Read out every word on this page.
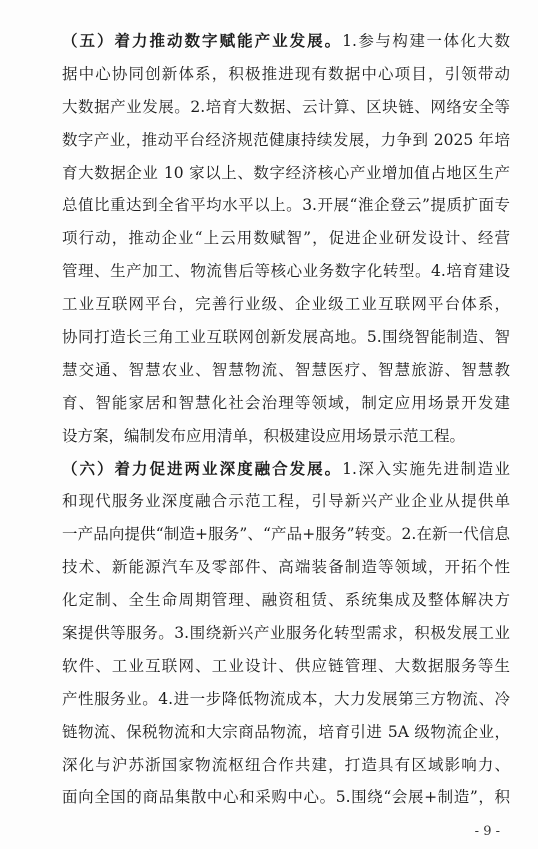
（五）着力推动数字赋能产业发展。1.参与构建一体化大数
据中心协同创新体系，积极推进现有数据中心项目，引领带动
大数据产业发展。2.培育大数据、云计算、区块链、网络安全等
数字产业，推动平台经济规范健康持续发展，力争到 2025 年培
育大数据企业 10 家以上、数字经济核心产业增加值占地区生产
总值比重达到全省平均水平以上。3.开展“淮企登云”提质扩面专
项行动，推动企业“上云用数赋智”，促进企业研发设计、经营
管理、生产加工、物流售后等核心业务数字化转型。4.培育建设
工业互联网平台，完善行业级、企业级工业互联网平台体系，
协同打造长三角工业互联网创新发展高地。5.围绕智能制造、智
慧交通、智慧农业、智慧物流、智慧医疗、智慧旅游、智慧教
育、智能家居和智慧化社会治理等领域，制定应用场景开发建
设方案，编制发布应用清单，积极建设应用场景示范工程。
（六）着力促进两业深度融合发展。1.深入实施先进制造业
和现代服务业深度融合示范工程，引导新兴产业企业从提供单
一产品向提供“制造+服务”、“产品+服务”转变。2.在新一代信息
技术、新能源汽车及零部件、高端装备制造等领域，开拓个性
化定制、全生命周期管理、融资租赁、系统集成及整体解决方
案提供等服务。3.围绕新兴产业服务化转型需求，积极发展工业
软件、工业互联网、工业设计、供应链管理、大数据服务等生
产性服务业。4.进一步降低物流成本，大力发展第三方物流、冷
链物流、保税物流和大宗商品物流，培育引进 5A 级物流企业，
深化与沪苏浙国家物流枢纽合作共建，打造具有区域影响力、
面向全国的商品集散中心和采购中心。5.围绕“会展+制造”，积
- 9 -
